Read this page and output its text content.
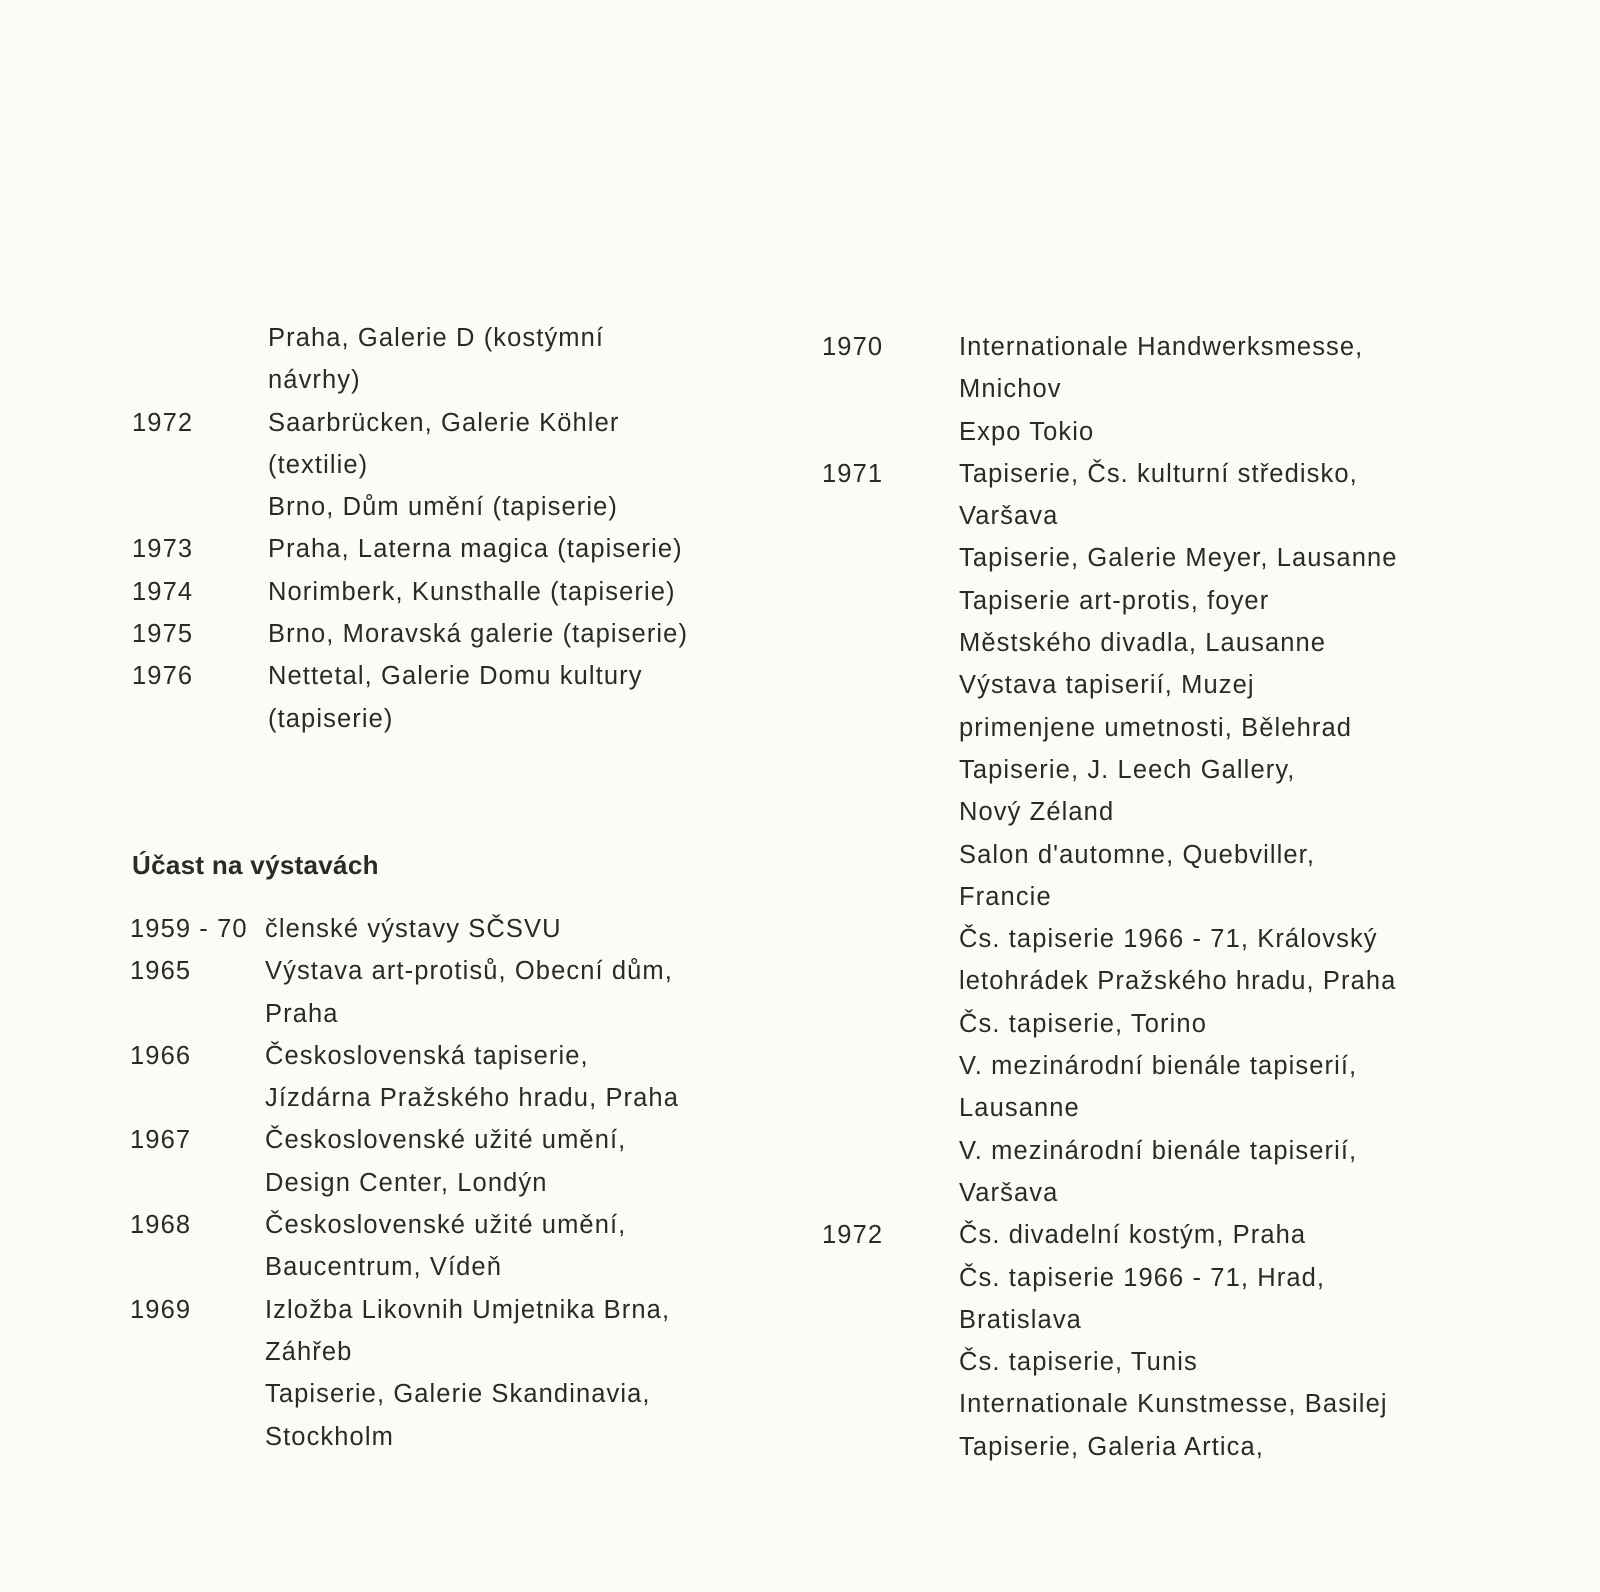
Praha, Galerie D (kostýmní
návrhy)
1972	Saarbrücken, Galerie Köhler
(textilie)
Brno, Dům umění (tapiserie)
1973	Praha, Laterna magica (tapiserie)
1974	Norimberk, Kunsthalle (tapiserie)
1975	Brno, Moravská galerie (tapiserie)
1976	Nettetal, Galerie Domu kultury
(tapiserie)
Účast na výstavách
1959 - 70 členské výstavy SČSVU
1965	Výstava art-protisů, Obecní dům,
Praha
1966	Československá tapiserie,
Jízdárna Pražského hradu, Praha
1967	Československé užité umění,
Design Center, Londýn
1968	Československé užité umění,
Baucentrum, Vídeň
1969	Izložba Likovnih Umjetnika Brna,
Záhřeb
Tapiserie, Galerie Skandinavia,
Stockholm
1970	Internationale Handwerksmesse,
Mnichov
Expo Tokio
1971	Tapiserie, Čs. kulturní středisko,
Varšava
Tapiserie, Galerie Meyer, Lausanne
Tapiserie art-protis, foyer
Městského divadla, Lausanne
Výstava tapiserií, Muzej
primenjene umetnosti, Bělehrad
Tapiserie, J. Leech Gallery,
Nový Zéland
Salon d'automne, Quebviller,
Francie
Čs. tapiserie 1966 - 71, Královský
letohrádek Pražského hradu, Praha
Čs. tapiserie, Torino
V. mezinárodní bienále tapiserií,
Lausanne
V. mezinárodní bienále tapiserií,
Varšava
1972	Čs. divadelní kostým, Praha
Čs. tapiserie 1966 - 71, Hrad,
Bratislava
Čs. tapiserie, Tunis
Internationale Kunstmesse, Basilej
Tapiserie, Galeria Artica,
